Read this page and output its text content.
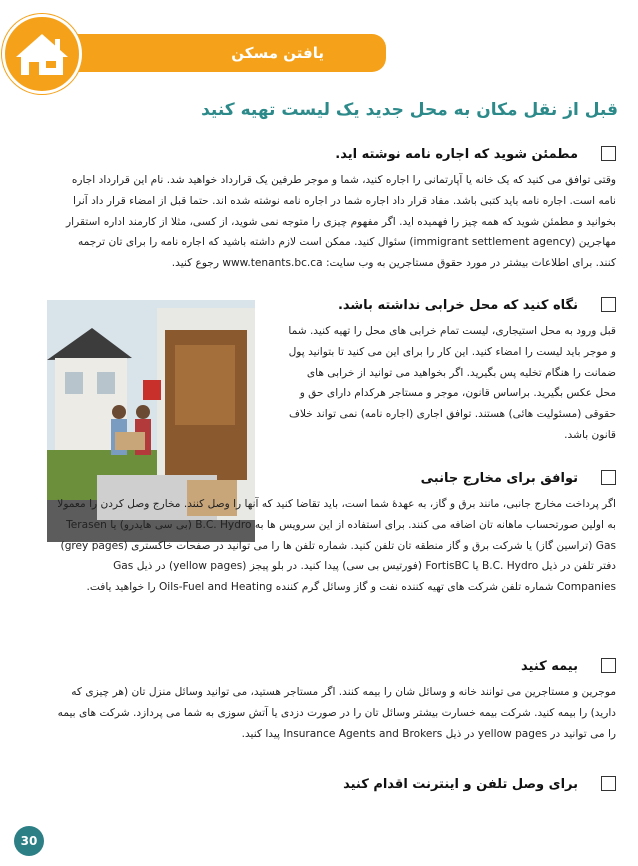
یافتن مسکن
قبل از نقل مکان به محل جدید یک لیست تهیه کنید

مطمئن شوید که اجاره نامه نوشته اید.

وقتی توافق می کنید که یک خانه یا آپارتمانی را اجاره کنید، شما و موجر طرفین یک قرارداد خواهید شد. نام این قرارداد اجاره نامه است. اجاره نامه باید کتبی باشد. مفاد قرار داد اجاره شما در اجاره نامه نوشته شده اند. حتما قبل از امضاء قرار داد آنرا بخوانید و مطمئن شوید که همه چیز را فهمیده اید. اگر مفهوم چیزی را متوجه نمی شوید، از کسی، مثلا از کارمند اداره استقرار مهاجرین (immigrant settlement agency) سئوال کنید. ممکن است لازم داشته باشید که اجاره نامه را برای تان ترجمه کنند. برای اطلاعات بیشتر در مورد حقوق مستاجرین به وب سایت: www.tenants.bc.ca رجوع کنید.

نگاه کنید که محل خرابی نداشته باشد.

قبل ورود به محل استیجاری، لیست تمام خرابی های محل را تهیه کنید. شما و موجر باید لیست را امضاء کنید. این کار را برای این می کنید تا بتوانید پول ضمانت را هنگام تخلیه پس بگیرید. اگر بخواهید می توانید از خرابی های محل عکس بگیرید. براساس قانون، موجر و مستاجر هرکدام دارای حق و حقوقی (مسئولیت هائی) هستند. توافق اجاری (اجاره نامه) نمی تواند خلاف قانون باشد.

توافق برای مخارج جانبی

اگر پرداخت مخارج جانبی، مانند برق و گاز، به عهدهٔ شما است، باید تقاضا کنید که آنها را وصل کنند. مخارج وصل کردن را معمولا به اولین صورتحساب ماهانه تان اضافه می کنند. برای استفاده از این سرویس ها به B.C. Hydro (بی سی هایدرو) یا Terasen Gas (تراسین گاز) یا شرکت برق و گاز منطقه تان تلفن کنید. شماره تلفن ها را می توانید در صفحات خاکستری (grey pages) دفتر تلفن در ذیل B.C. Hydro یا FortisBC (فورتیس بی سی) پیدا کنید. در بلو پیجز (yellow pages) در ذیل Gas Companies شماره تلفن شرکت های تهیه کننده نفت و گاز وسائل گرم کننده Oils-Fuel and Heating را خواهید یافت.

بیمه کنید

موجرین و مستاجرین می توانند خانه و وسائل شان را بیمه کنند. اگر مستاجر هستید، می توانید وسائل منزل تان (هر چیزی که دارید) را بیمه کنید. شرکت بیمه خسارت بیشتر وسائل تان را در صورت دزدی یا آتش سوزی به شما می پردازد. شرکت های بیمه را می توانید در yellow pages در ذیل Insurance Agents and Brokers پیدا کنید.

برای وصل تلفن و اینترنت اقدام کنید

30
